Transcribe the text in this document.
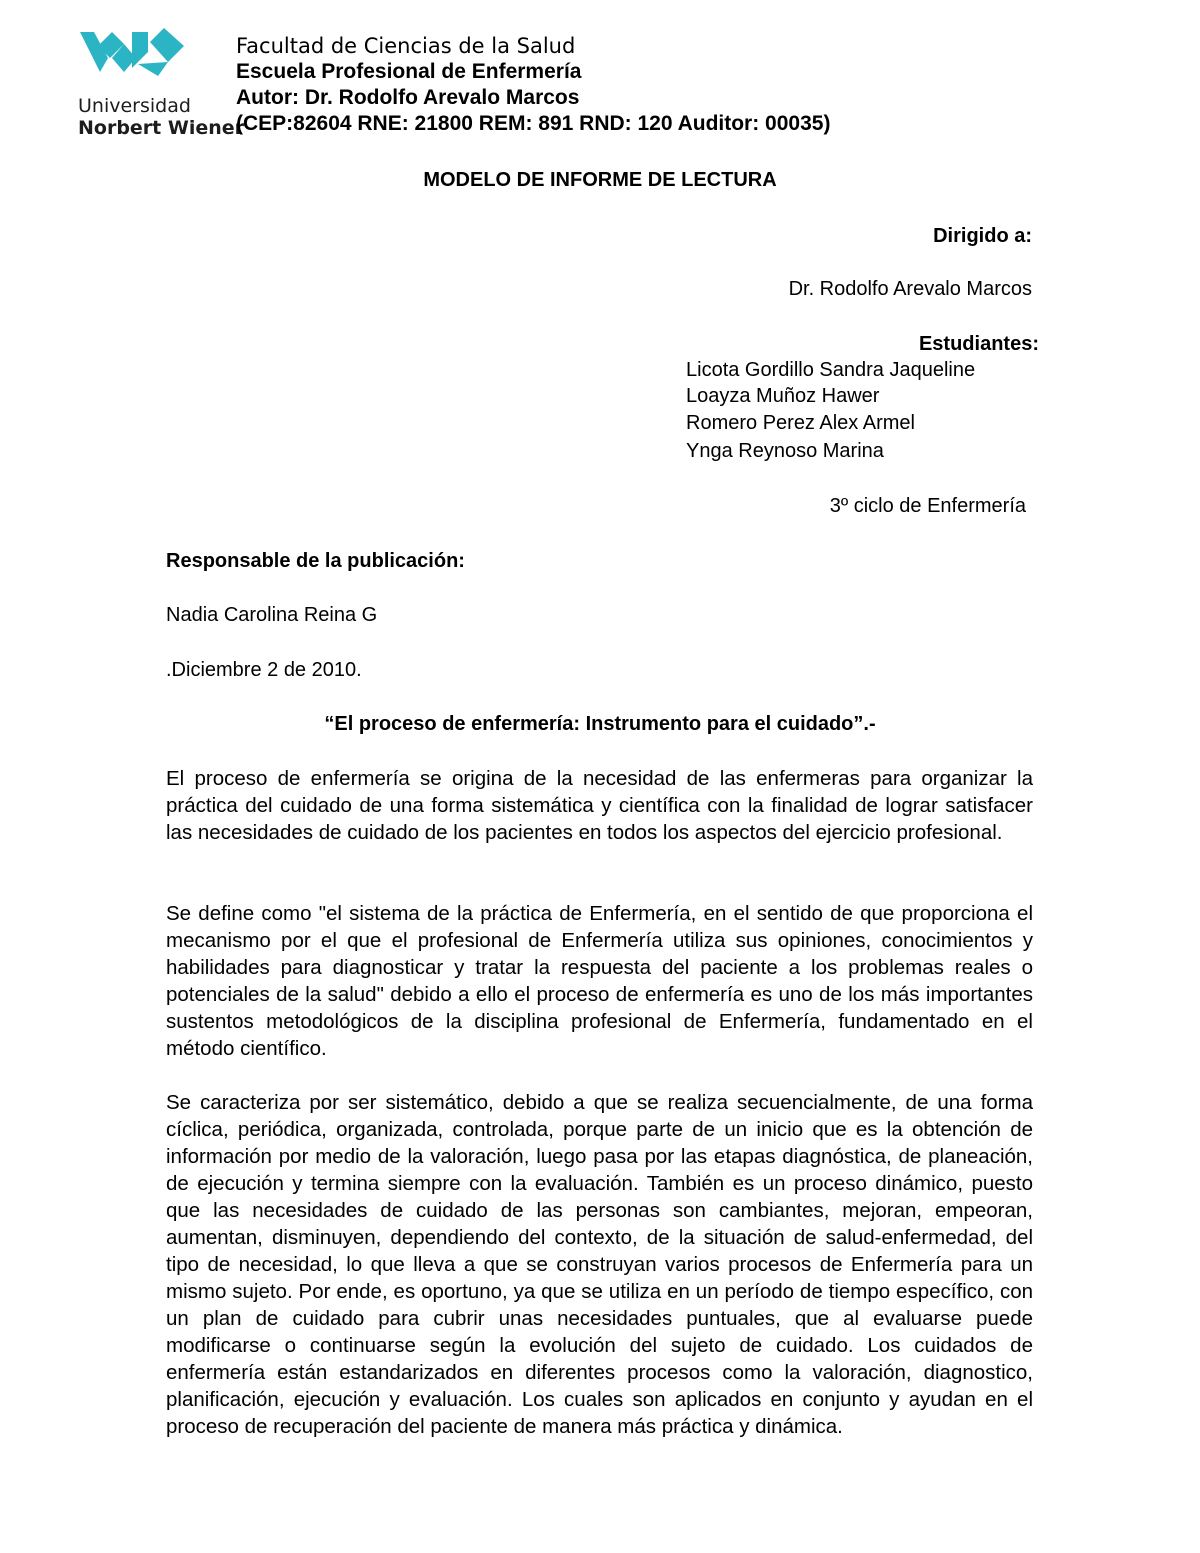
Universidad
Norbert Wiener
Facultad de Ciencias de la Salud
Escuela Profesional de Enfermería
Autor: Dr. Rodolfo Arevalo Marcos
(CEP:82604 RNE: 21800 REM: 891 RND: 120 Auditor: 00035)
MODELO DE INFORME DE LECTURA
Dirigido a:
Dr. Rodolfo Arevalo Marcos
Estudiantes:
Licota Gordillo Sandra Jaqueline
Loayza Muñoz Hawer
Romero Perez Alex Armel
Ynga Reynoso Marina
3º ciclo de Enfermería
Responsable de la publicación:
Nadia Carolina Reina G
.Diciembre 2 de 2010.
“El proceso de enfermería: Instrumento para el cuidado”.-
El proceso de enfermería se origina de la necesidad de las enfermeras para organizar la práctica del cuidado de una forma sistemática y científica con la finalidad de lograr satisfacer las necesidades de cuidado de los pacientes en todos los aspectos del ejercicio profesional.
Se define como "el sistema de la práctica de Enfermería, en el sentido de que proporciona el mecanismo por el que el profesional de Enfermería utiliza sus opiniones, conocimientos y habilidades para diagnosticar y tratar la respuesta del paciente a los problemas reales o potenciales de la salud" debido a ello el proceso de enfermería es uno de los más importantes sustentos metodológicos de la disciplina profesional de Enfermería, fundamentado en el método científico.
Se caracteriza por ser sistemático, debido a que se realiza secuencialmente, de una forma cíclica, periódica, organizada, controlada, porque parte de un inicio que es la obtención de información por medio de la valoración, luego pasa por las etapas diagnóstica, de planeación, de ejecución y termina siempre con la evaluación. También es un proceso dinámico, puesto que las necesidades de cuidado de las personas son cambiantes, mejoran, empeoran, aumentan, disminuyen, dependiendo del contexto, de la situación de salud-enfermedad, del tipo de necesidad, lo que lleva a que se construyan varios procesos de Enfermería para un mismo sujeto. Por ende, es oportuno, ya que se utiliza en un período de tiempo específico, con un plan de cuidado para cubrir unas necesidades puntuales, que al evaluarse puede modificarse o continuarse según la evolución del sujeto de cuidado. Los cuidados de enfermería están estandarizados en diferentes procesos como la valoración, diagnostico, planificación, ejecución y evaluación. Los cuales son aplicados en conjunto y ayudan en el proceso de recuperación del paciente de manera más práctica y dinámica.
